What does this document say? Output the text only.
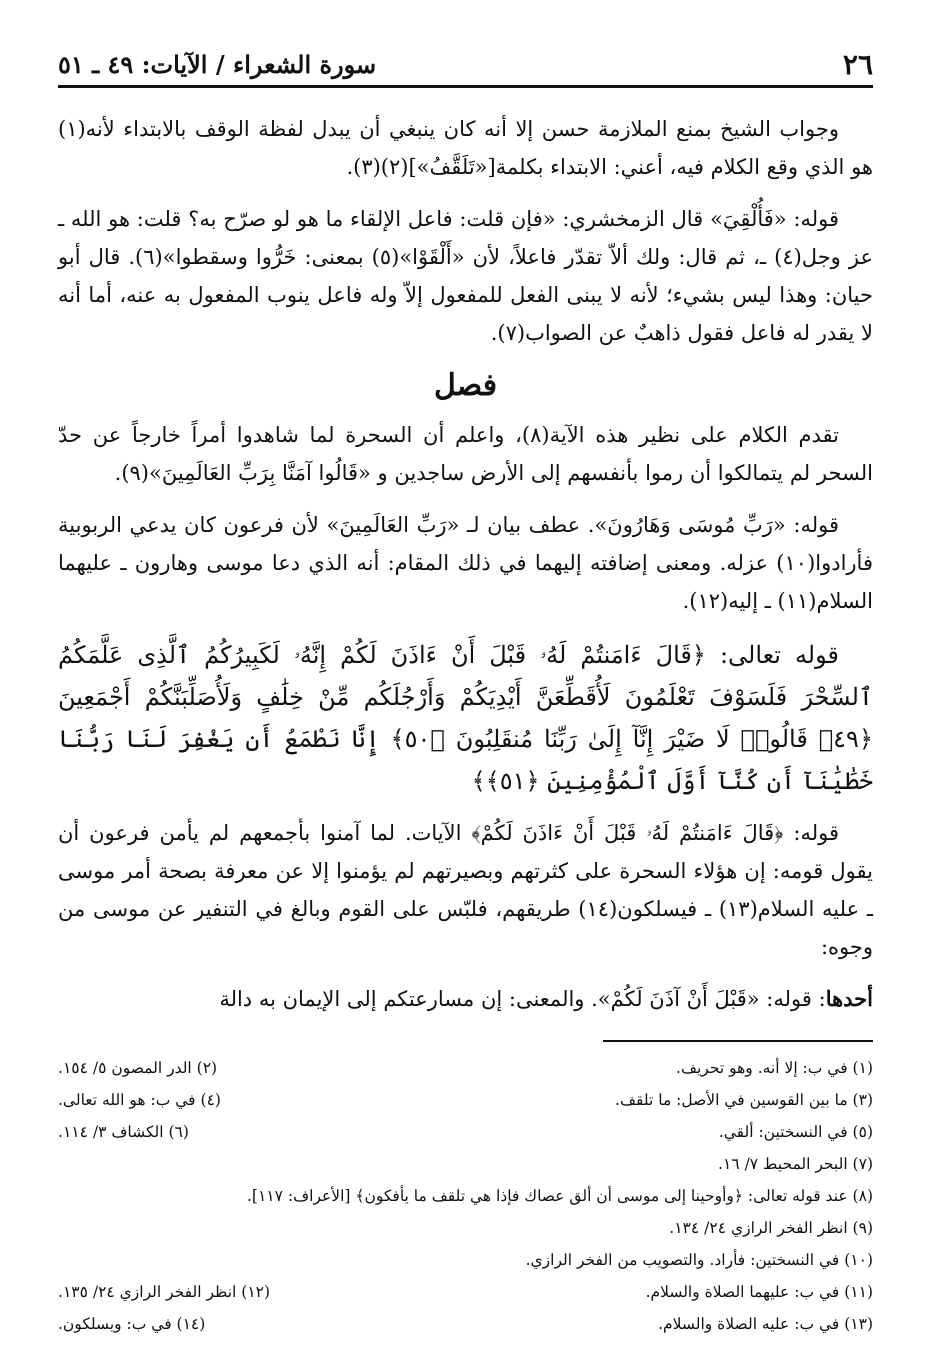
٢٦
سورة الشعراء / الآيات: ٤٩ ـ ٥١

وجواب الشيخ بمنع الملازمة حسن إلا أنه كان ينبغي أن يبدل لفظة الوقف بالابتداء لأنه(١) هو الذي وقع الكلام فيه، أعني: الابتداء بكلمة[«تَلَقَّفُ»](٢)(٣).

قوله: «فَأُلْقِيَ» قال الزمخشري: «فإن قلت: فاعل الإلقاء ما هو لو صرّح به؟ قلت: هو الله ـ عز وجل(٤) ـ، ثم قال: ولك ألاّ تقدّر فاعلاً، لأن «أَلْقَوْا»(٥) بمعنى: خَرُّوا وسقطوا»(٦). قال أبو حيان: وهذا ليس بشيء؛ لأنه لا يبنى الفعل للمفعول إلاّ وله فاعل ينوب المفعول به عنه، أما أنه لا يقدر له فاعل فقول ذاهبٌ عن الصواب(٧).

فصل

تقدم الكلام على نظير هذه الآية(٨)، واعلم أن السحرة لما شاهدوا أمراً خارجاً عن حدّ السحر لم يتمالكوا أن رموا بأنفسهم إلى الأرض ساجدين و «قَالُوا آمَنَّا بِرَبِّ العَالَمِينَ»(٩).

قوله: «رَبِّ مُوسَى وَهَارُونَ». عطف بيان لـ «رَبِّ العَالَمِينَ» لأن فرعون كان يدعي الربوبية فأرادوا(١٠) عزله. ومعنى إضافته إليهما في ذلك المقام: أنه الذي دعا موسى وهارون ـ عليهما السلام(١١) ـ إليه(١٢).

قوله تعالى: ﴿قَالَ ءَامَنتُمْ لَهُۥ قَبْلَ أَنْ ءَاذَنَ لَكُمْ إِنَّهُۥ لَكَبِيرُكُمُ ٱلَّذِى عَلَّمَكُمُ ٱلسِّحْرَ فَلَسَوْفَ تَعْلَمُونَ لَأُقَطِّعَنَّ أَيْدِيَكُمْ وَأَرْجُلَكُم مِّنْ خِلَٰفٍ وَلَأُصَلِّبَنَّكُمْ أَجْمَعِينَ ﴿٤٩﴾ قَالُوا۟ لَا ضَيْرَ إِنَّآ إِلَىٰ رَبِّنَا مُنقَلِبُونَ ﴿٥٠﴾ إِنَّا نَطْمَعُ أَن يَغْفِرَ لَنَا رَبُّنَا خَطَٰيَٰنَآ أَن كُنَّآ أَوَّلَ ٱلْمُؤْمِنِينَ ﴿٥١﴾﴾

قوله: ﴿قَالَ ءَامَنتُمْ لَهُۥ قَبْلَ أَنْ ءَاذَنَ لَكُمْ﴾ الآيات. لما آمنوا بأجمعهم لم يأمن فرعون أن يقول قومه: إن هؤلاء السحرة على كثرتهم وبصيرتهم لم يؤمنوا إلا عن معرفة بصحة أمر موسى ـ عليه السلام(١٣) ـ فيسلكون(١٤) طريقهم، فلبّس على القوم وبالغ في التنفير عن موسى من وجوه:

أحدها: قوله: «قَبْلَ أَنْ آذَنَ لَكُمْ». والمعنى: إن مسارعتكم إلى الإيمان به دالة

(١) في ب: إلا أنه. وهو تحريف.
(٢) الدر المصون ٥/ ١٥٤.
(٣) ما بين القوسين في الأصل: ما تلقف.
(٤) في ب: هو الله تعالى.
(٥) في النسختين: ألقي.
(٦) الكشاف ٣/ ١١٤.
(٧) البحر المحيط ٧/ ١٦.
(٨) عند قوله تعالى: ﴿وأوحينا إلى موسى أن ألق عصاك فإذا هي تلقف ما يأفكون﴾ [الأعراف: ١١٧].
(٩) انظر الفخر الرازي ٢٤/ ١٣٤.
(١٠) في النسختين: فأراد. والتصويب من الفخر الرازي.
(١١) في ب: عليهما الصلاة والسلام.
(١٢) انظر الفخر الرازي ٢٤/ ١٣٥.
(١٣) في ب: عليه الصلاة والسلام.
(١٤) في ب: ويسلكون.
